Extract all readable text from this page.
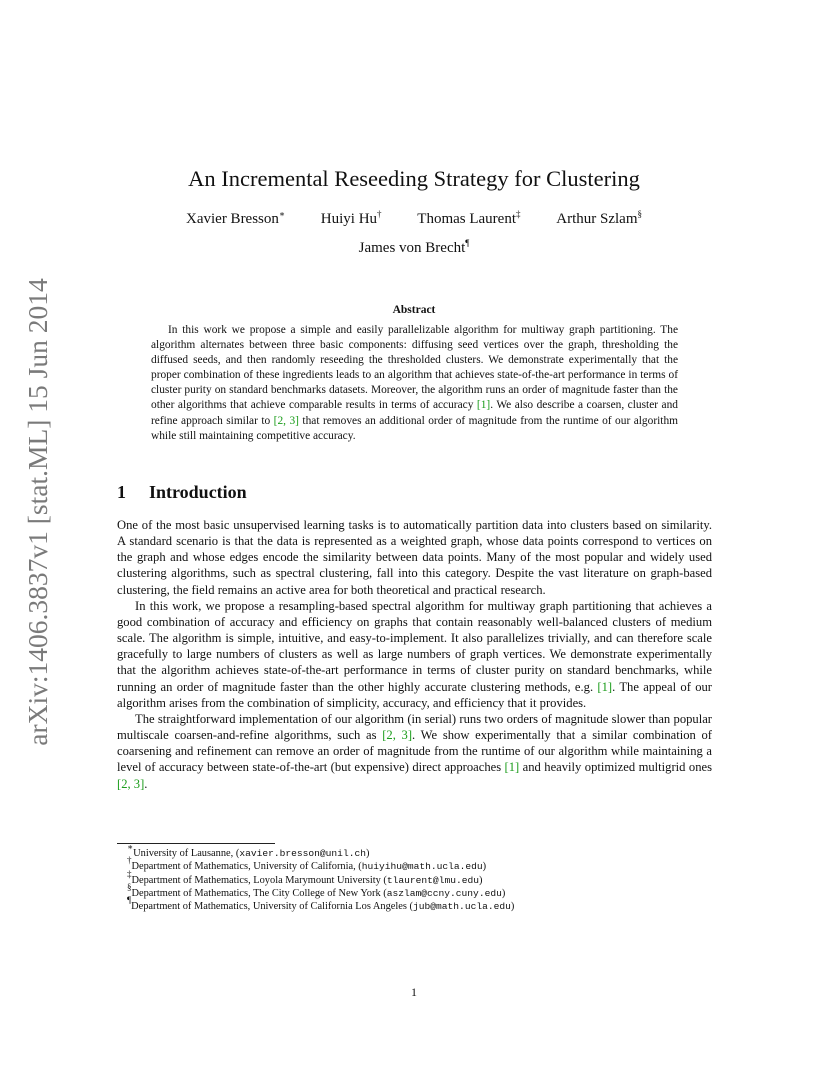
arXiv:1406.3837v1 [stat.ML] 15 Jun 2014
An Incremental Reseeding Strategy for Clustering
Xavier Bresson∗ Huiyi Hu† Thomas Laurent‡ Arthur Szlam§
James von Brecht¶
Abstract
In this work we propose a simple and easily parallelizable algorithm for multiway graph partitioning. The algorithm alternates between three basic components: diffusing seed vertices over the graph, thresholding the diffused seeds, and then randomly reseeding the thresholded clusters. We demonstrate experimentally that the proper combination of these ingredients leads to an algorithm that achieves state-of-the-art performance in terms of cluster purity on standard benchmarks datasets. Moreover, the algorithm runs an order of magnitude faster than the other algorithms that achieve comparable results in terms of accuracy [1]. We also describe a coarsen, cluster and refine approach similar to [2, 3] that removes an additional order of magnitude from the runtime of our algorithm while still maintaining competitive accuracy.
1 Introduction

One of the most basic unsupervised learning tasks is to automatically partition data into clusters based on similarity. A standard scenario is that the data is represented as a weighted graph, whose data points correspond to vertices on the graph and whose edges encode the similarity between data points. Many of the most popular and widely used clustering algorithms, such as spectral clustering, fall into this category. Despite the vast literature on graph-based clustering, the field remains an active area for both theoretical and practical research.

In this work, we propose a resampling-based spectral algorithm for multiway graph partitioning that achieves a good combination of accuracy and efficiency on graphs that contain reasonably well-balanced clusters of medium scale. The algorithm is simple, intuitive, and easy-to-implement. It also parallelizes trivially, and can therefore scale gracefully to large numbers of clusters as well as large numbers of graph vertices. We demonstrate experimentally that the algorithm achieves state-of-the-art performance in terms of cluster purity on standard benchmarks, while running an order of magnitude faster than the other highly accurate clustering methods, e.g. [1]. The appeal of our algorithm arises from the combination of simplicity, accuracy, and efficiency that it provides.

The straightforward implementation of our algorithm (in serial) runs two orders of magnitude slower than popular multiscale coarsen-and-refine algorithms, such as [2, 3]. We show experimentally that a similar combination of coarsening and refinement can remove an order of magnitude from the runtime of our algorithm while maintaining a level of accuracy between state-of-the-art (but expensive) direct approaches [1] and heavily optimized multigrid ones [2, 3].

∗University of Lausanne, (xavier.bresson@unil.ch)
†Department of Mathematics, University of California, (huiyihu@math.ucla.edu)
‡Department of Mathematics, Loyola Marymount University (tlaurent@lmu.edu)
§Department of Mathematics, The City College of New York (aszlam@ccny.cuny.edu)
¶Department of Mathematics, University of California Los Angeles (jub@math.ucla.edu)
1
